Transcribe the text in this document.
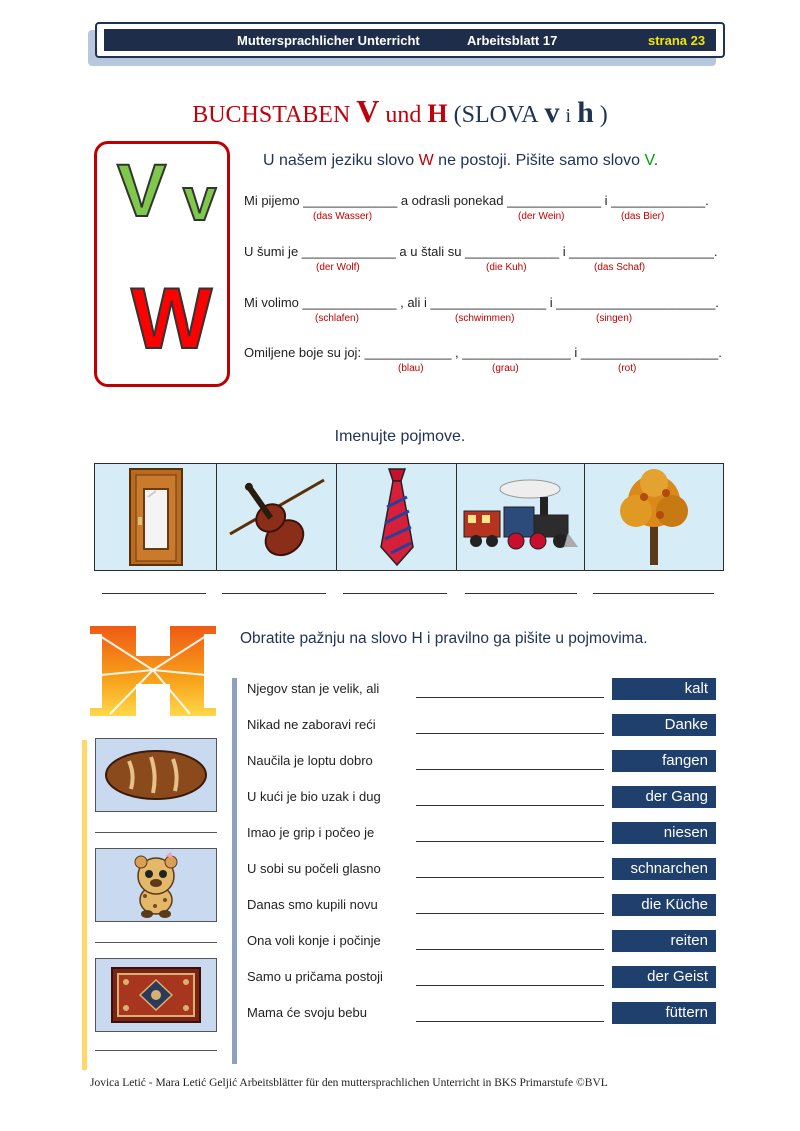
Muttersprachlicher Unterricht	Arbeitsblatt 17	strana 23
BUCHSTABEN V und H (SLOVA v i h )
V v
W
U našem jeziku slovo W ne postoji. Pišite samo slovo V.
Mi pijemo _____________ a odrasli ponekad _____________ i _____________.
(das Wasser)	(der Wein)	(das Bier)
U šumi je _____________ a u štali su _____________ i ____________________.
(der Wolf)	(die Kuh)	(das Schaf)
Mi volimo _____________ , ali i ________________ i ______________________.
(schlafen)	(schwimmen)	(singen)
Omiljene boje su joj: ____________ , _______________ i ___________________.
(blau)	(grau)	(rot)
Imenujte pojmove.
Obratite pažnju na slovo H i pravilno ga pišite u pojmovima.
Njegov stan je velik, ali	kalt
Nikad ne zaboravi reći	Danke
Naučila je loptu dobro	fangen
U kući je bio uzak i dug	der Gang
Imao je grip i počeo je	niesen
U sobi su počeli glasno	schnarchen
Danas smo kupili novu	die Küche
Ona voli konje i počinje	reiten
Samo u pričama postoji	der Geist
Mama će svoju bebu	füttern
Jovica Letić - Mara Letić Geljić Arbeitsblätter für den muttersprachlichen Unterricht in BKS Primarstufe ©BVL
